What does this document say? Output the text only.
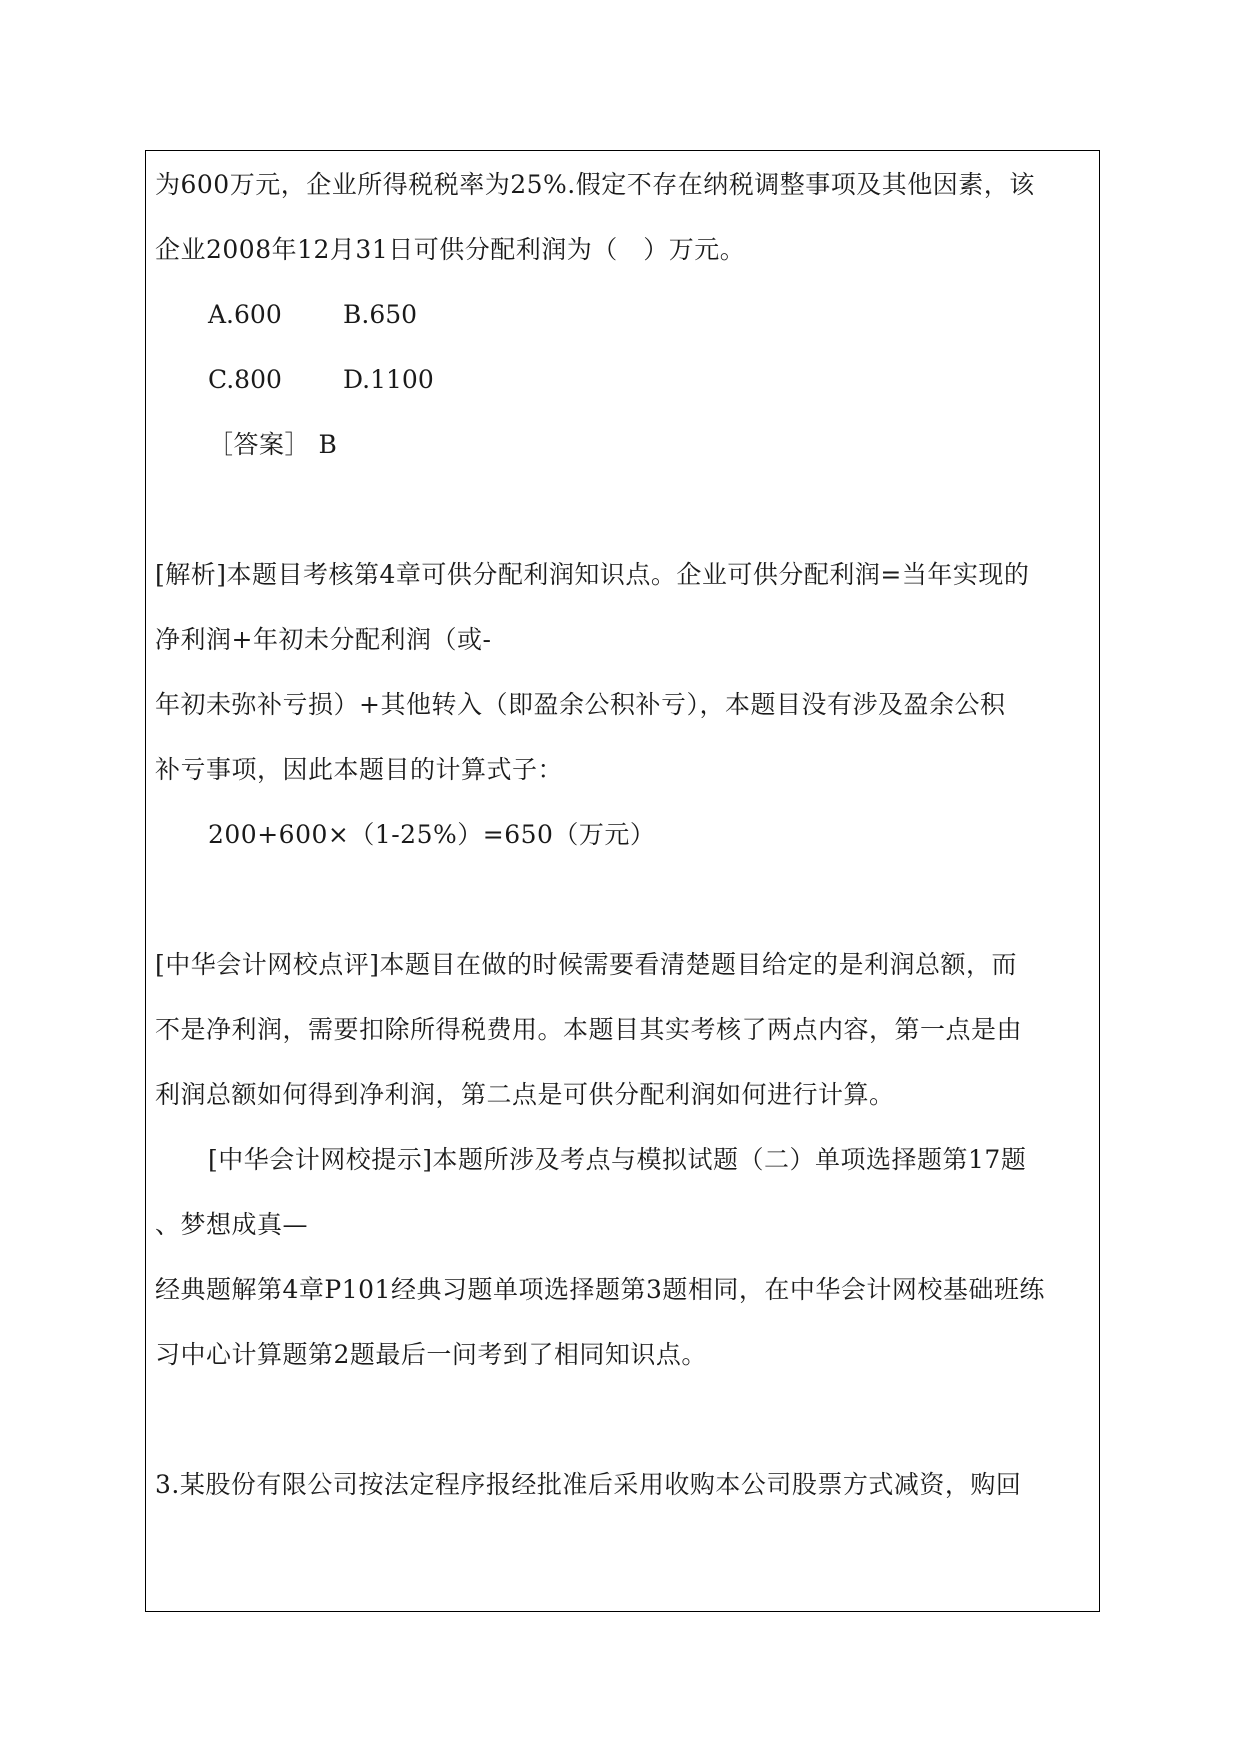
为600万元，企业所得税税率为25%.假定不存在纳税调整事项及其他因素，该
企业2008年12月31日可供分配利润为（　）万元。
A.600 B.650
C.800 D.1100
［答案］ B
[解析]本题目考核第4章可供分配利润知识点。企业可供分配利润=当年实现的
净利润+年初未分配利润（或-
年初未弥补亏损）+其他转入（即盈余公积补亏），本题目没有涉及盈余公积
补亏事项，因此本题目的计算式子：
200+600×（1-25%）=650（万元）
[中华会计网校点评]本题目在做的时候需要看清楚题目给定的是利润总额，而
不是净利润，需要扣除所得税费用。本题目其实考核了两点内容，第一点是由
利润总额如何得到净利润，第二点是可供分配利润如何进行计算。
[中华会计网校提示]本题所涉及考点与模拟试题（二）单项选择题第17题
、梦想成真—
经典题解第4章P101经典习题单项选择题第3题相同，在中华会计网校基础班练
习中心计算题第2题最后一问考到了相同知识点。
3.某股份有限公司按法定程序报经批准后采用收购本公司股票方式减资，购回
